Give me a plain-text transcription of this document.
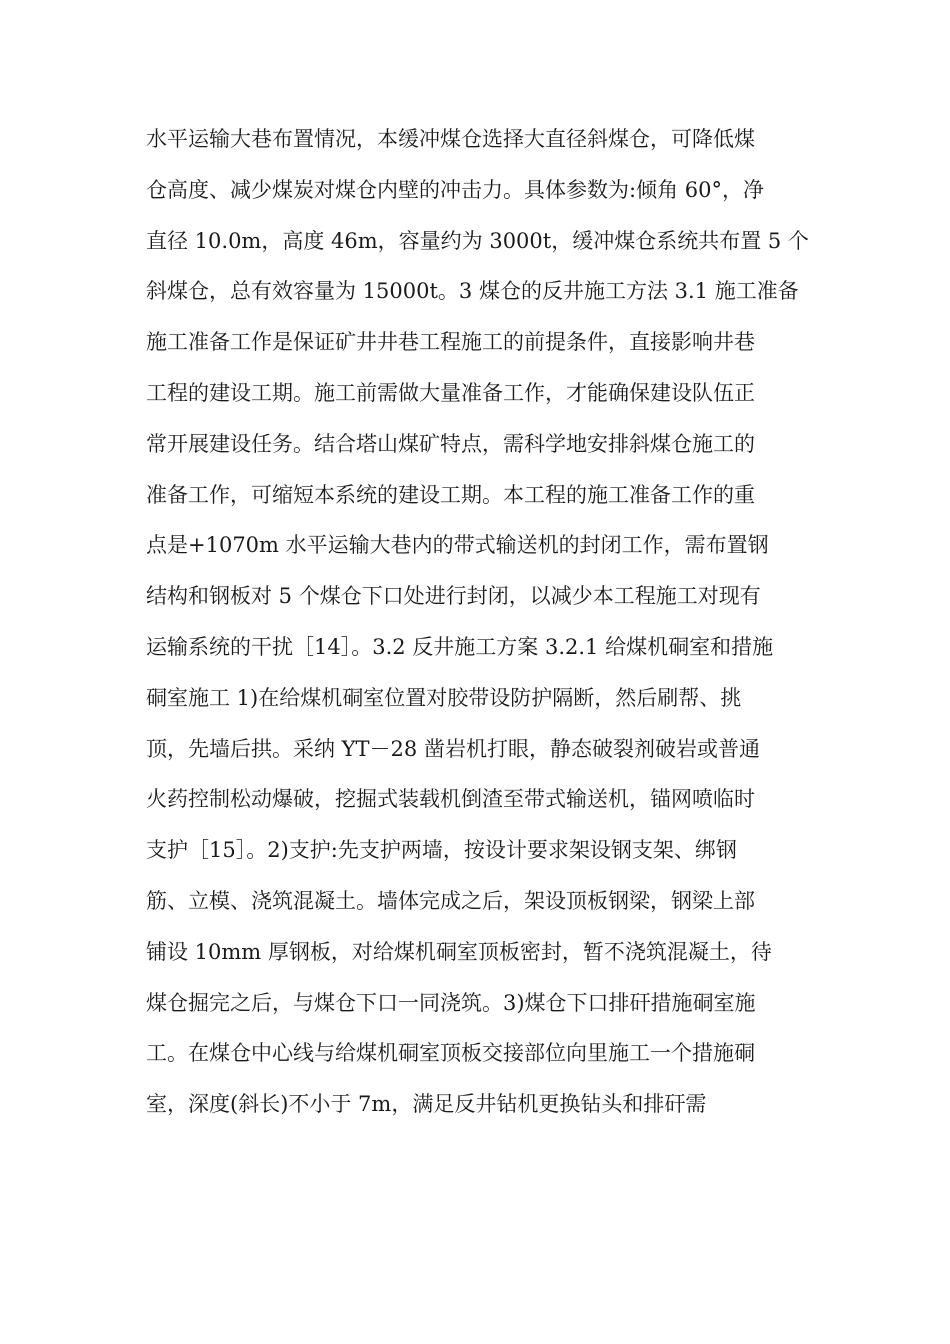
水平运输大巷布置情况，本缓冲煤仓选择大直径斜煤仓，可降低煤
仓高度、减少煤炭对煤仓内壁的冲击力。具体参数为:倾角 60°，净
直径 10.0m，高度 46m，容量约为 3000t，缓冲煤仓系统共布置 5 个
斜煤仓，总有效容量为 15000t。3 煤仓的反井施工方法 3.1 施工准备
施工准备工作是保证矿井井巷工程施工的前提条件，直接影响井巷
工程的建设工期。施工前需做大量准备工作，才能确保建设队伍正
常开展建设任务。结合塔山煤矿特点，需科学地安排斜煤仓施工的
准备工作，可缩短本系统的建设工期。本工程的施工准备工作的重
点是+1070m 水平运输大巷内的带式输送机的封闭工作，需布置钢
结构和钢板对 5 个煤仓下口处进行封闭，以减少本工程施工对现有
运输系统的干扰［14］。3.2 反井施工方案 3.2.1 给煤机硐室和措施
硐室施工 1)在给煤机硐室位置对胶带设防护隔断，然后刷帮、挑
顶，先墙后拱。采纳 YT－28 凿岩机打眼，静态破裂剂破岩或普通
火药控制松动爆破，挖掘式装载机倒渣至带式输送机，锚网喷临时
支护［15］。2)支护:先支护两墙，按设计要求架设钢支架、绑钢
筋、立模、浇筑混凝土。墙体完成之后，架设顶板钢梁，钢梁上部
铺设 10mm 厚钢板，对给煤机硐室顶板密封，暂不浇筑混凝土，待
煤仓掘完之后，与煤仓下口一同浇筑。3)煤仓下口排矸措施硐室施
工。在煤仓中心线与给煤机硐室顶板交接部位向里施工一个措施硐
室，深度(斜长)不小于 7m，满足反井钻机更换钻头和排矸需
